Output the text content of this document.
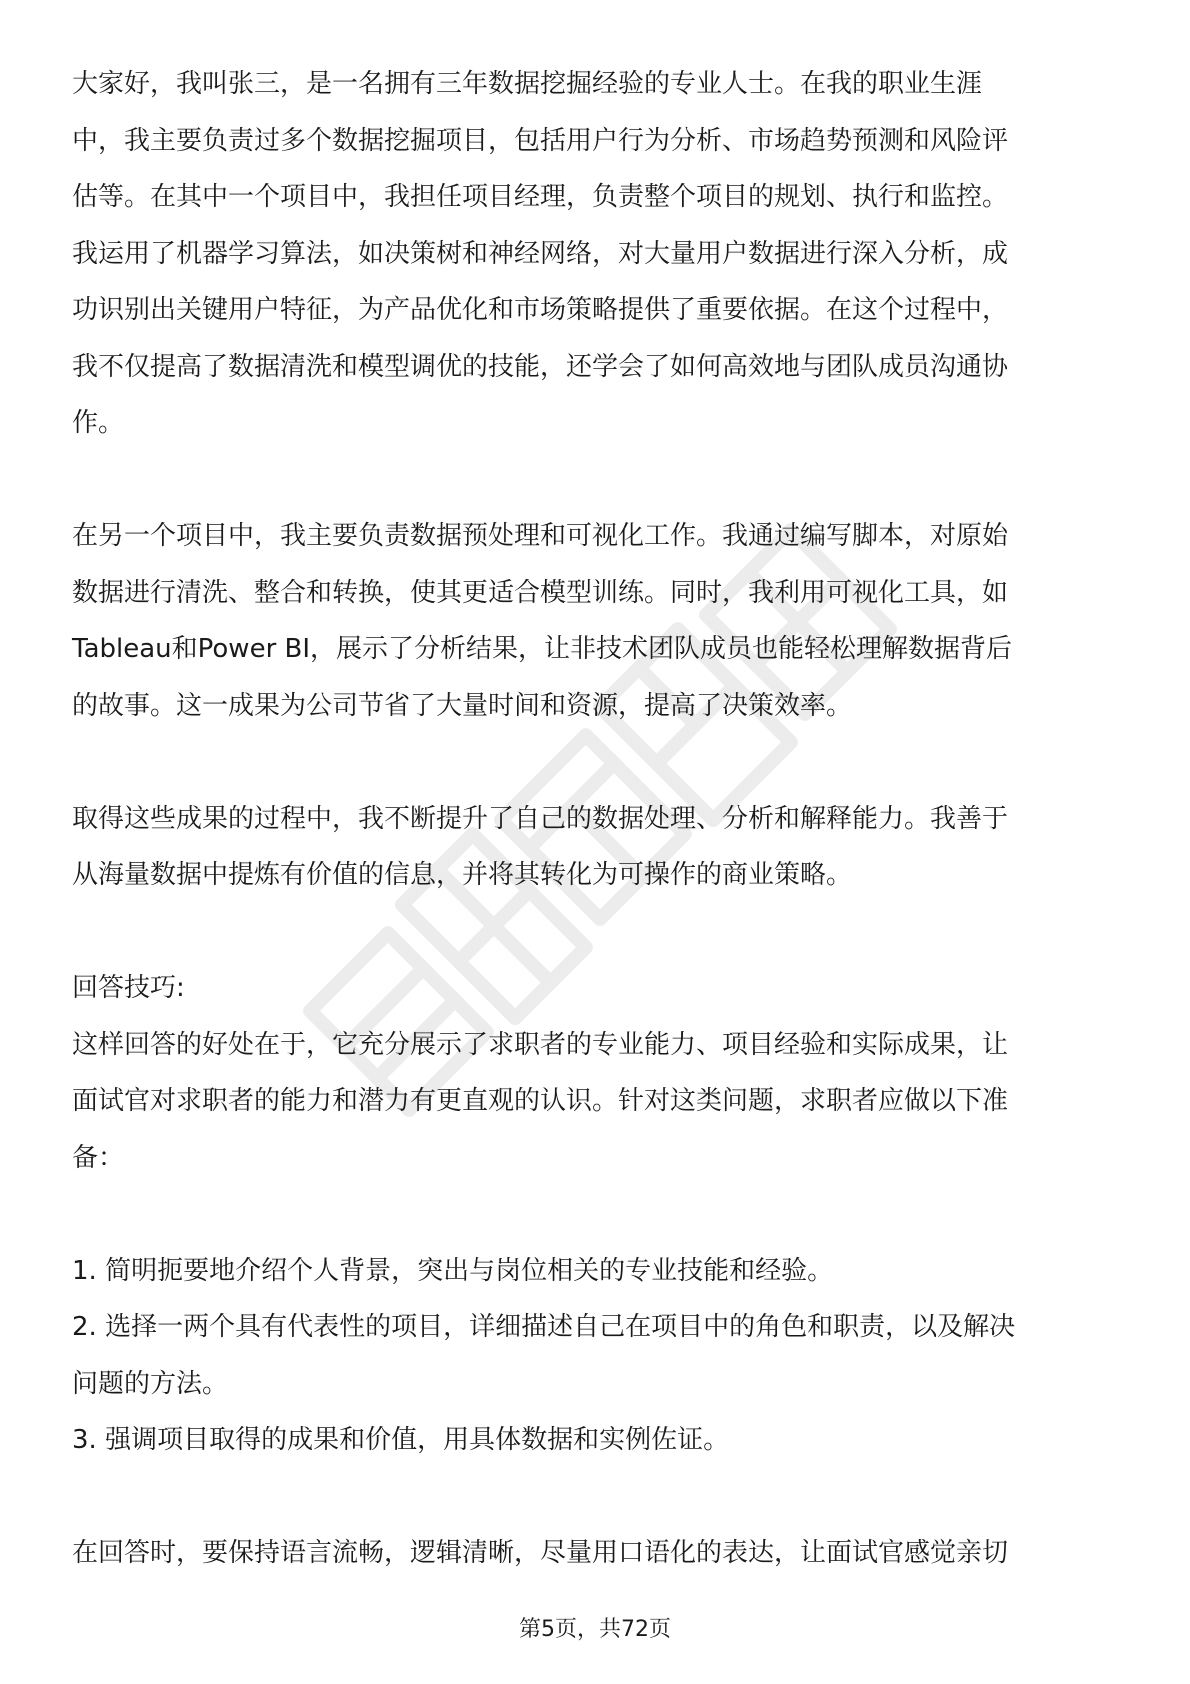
大家好，我叫张三，是一名拥有三年数据挖掘经验的专业人士。在我的职业生涯
中，我主要负责过多个数据挖掘项目，包括用户行为分析、市场趋势预测和风险评
估等。在其中一个项目中，我担任项目经理，负责整个项目的规划、执行和监控。
我运用了机器学习算法，如决策树和神经网络，对大量用户数据进行深入分析，成
功识别出关键用户特征，为产品优化和市场策略提供了重要依据。在这个过程中，
我不仅提高了数据清洗和模型调优的技能，还学会了如何高效地与团队成员沟通协
作。
在另一个项目中，我主要负责数据预处理和可视化工作。我通过编写脚本，对原始
数据进行清洗、整合和转换，使其更适合模型训练。同时，我利用可视化工具，如
Tableau和Power BI，展示了分析结果，让非技术团队成员也能轻松理解数据背后
的故事。这一成果为公司节省了大量时间和资源，提高了决策效率。
取得这些成果的过程中，我不断提升了自己的数据处理、分析和解释能力。我善于
从海量数据中提炼有价值的信息，并将其转化为可操作的商业策略。
回答技巧:
这样回答的好处在于，它充分展示了求职者的专业能力、项目经验和实际成果，让
面试官对求职者的能力和潜力有更直观的认识。针对这类问题，求职者应做以下准
备：
1. 简明扼要地介绍个人背景，突出与岗位相关的专业技能和经验。
2. 选择一两个具有代表性的项目，详细描述自己在项目中的角色和职责，以及解决
问题的方法。
3. 强调项目取得的成果和价值，用具体数据和实例佐证。
在回答时，要保持语言流畅，逻辑清晰，尽量用口语化的表达，让面试官感觉亲切
第5页，共72页
